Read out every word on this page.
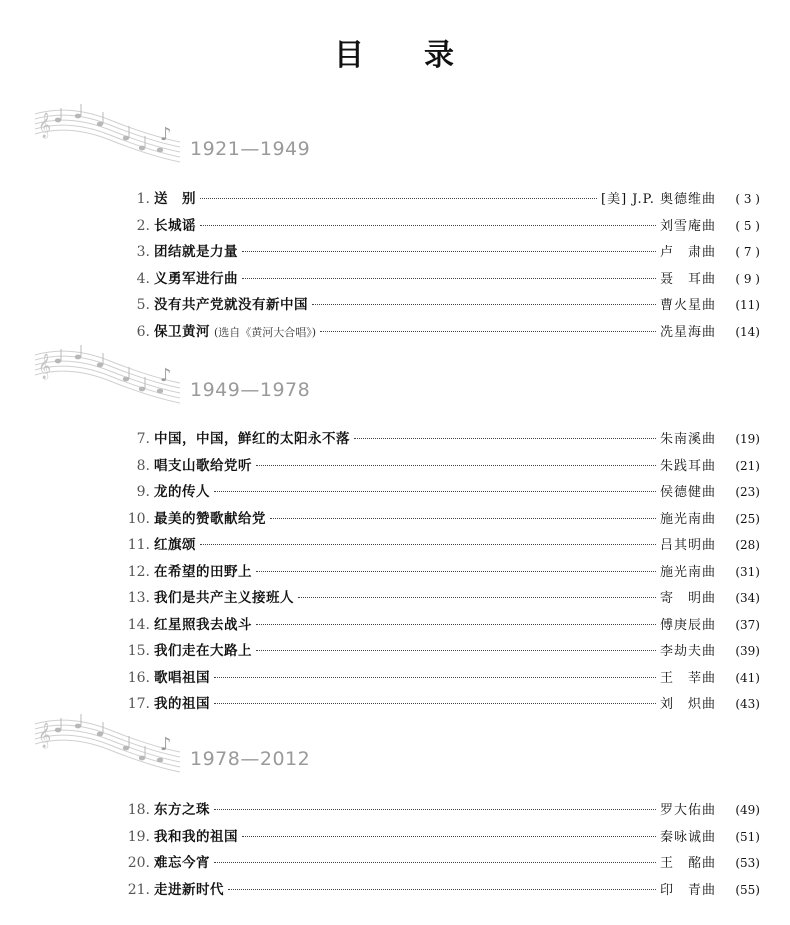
目 录
𝄞	♪
1921—1949
1. 送　别	[美] J.P. 奥德维曲	( 3 )
2. 长城谣	刘雪庵曲	( 5 )
3. 团结就是力量	卢　肃曲	( 7 )
4. 义勇军进行曲	聂　耳曲	( 9 )
5. 没有共产党就没有新中国	曹火星曲	(11)
6. 保卫黄河 (选自《黄河大合唱》)	冼星海曲	(14)
𝄞	♪
1949—1978
7. 中国，中国，鲜红的太阳永不落	朱南溪曲	(19)
8. 唱支山歌给党听	朱践耳曲	(21)
9. 龙的传人	侯德健曲	(23)
10. 最美的赞歌献给党	施光南曲	(25)
11. 红旗颂	吕其明曲	(28)
12. 在希望的田野上	施光南曲	(31)
13. 我们是共产主义接班人	寄　明曲	(34)
14. 红星照我去战斗	傅庚辰曲	(37)
15. 我们走在大路上	李劫夫曲	(39)
16. 歌唱祖国	王　莘曲	(41)
17. 我的祖国	刘　炽曲	(43)
𝄞	♪
1978—2012
18. 东方之珠	罗大佑曲	(49)
19. 我和我的祖国	秦咏诚曲	(51)
20. 难忘今宵	王　酩曲	(53)
21. 走进新时代	印　青曲	(55)
